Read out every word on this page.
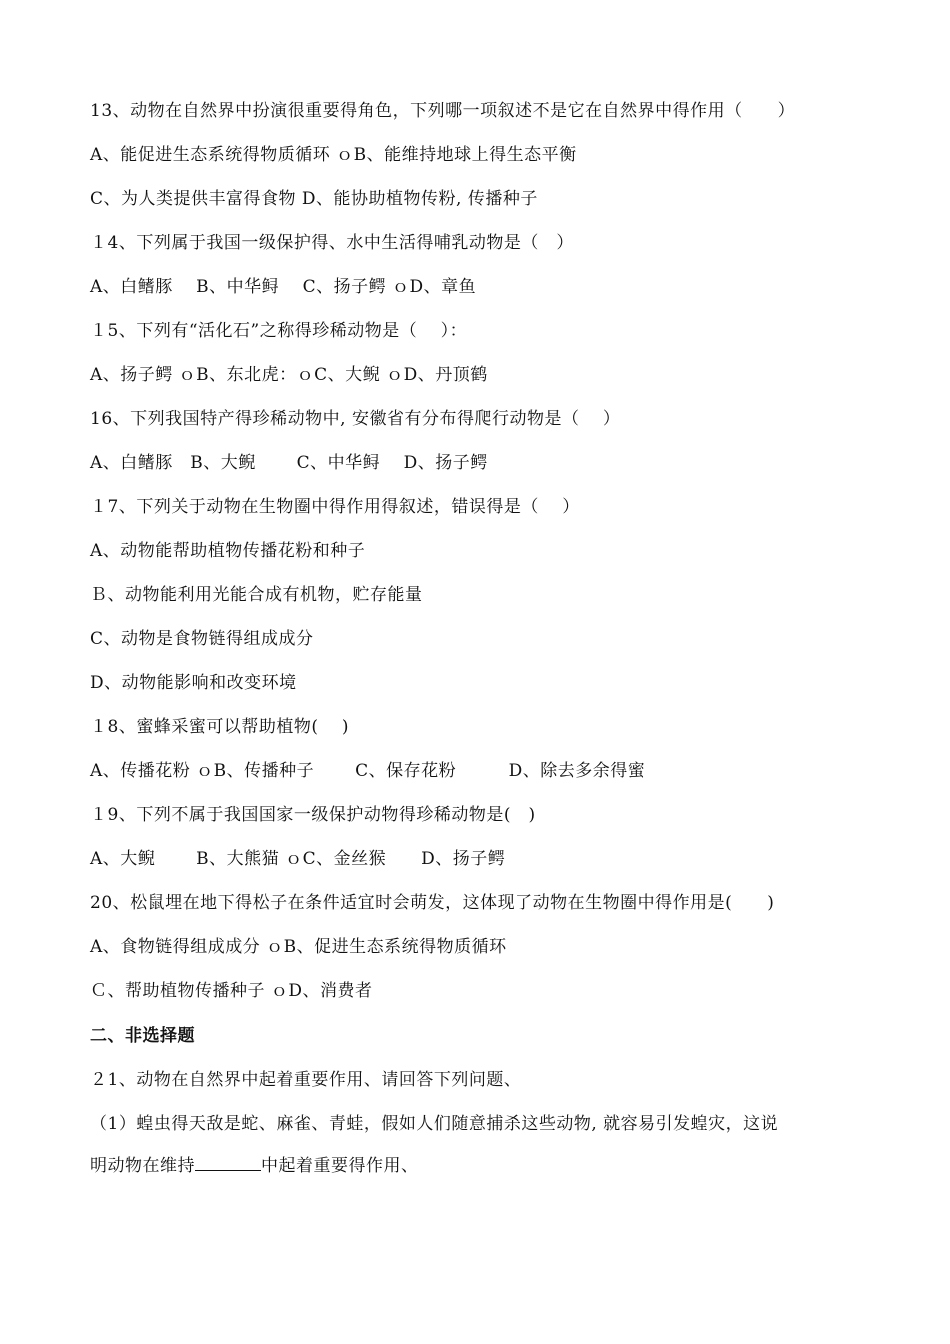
13、动物在自然界中扮演很重要得角色，下列哪一项叙述不是它在自然界中得作用（　　）
A、能促进生态系统得物质循环 ｏB、能维持地球上得生态平衡
C、为人类提供丰富得食物 D、能协助植物传粉, 传播种子
１4、下列属于我国一级保护得、水中生活得哺乳动物是（　）
A、白鳍豚　 B、中华鲟　 C、扬子鳄 ｏD、章鱼
１5、下列有“活化石”之称得珍稀动物是（　 ）：
A、扬子鳄 ｏB、东北虎：ｏC、大鲵 ｏD、丹顶鹤
16、下列我国特产得珍稀动物中, 安徽省有分布得爬行动物是（　 ）
A、白鳍豚　B、大鲵　　 C、中华鲟　 D、扬子鳄
１7、下列关于动物在生物圈中得作用得叙述，错误得是（　 ）
A、动物能帮助植物传播花粉和种子
Ｂ、动物能利用光能合成有机物，贮存能量
C、动物是食物链得组成成分
D、动物能影响和改变环境
１8、蜜蜂采蜜可以帮助植物(　 )
A、传播花粉 ｏB、传播种子　　 C、保存花粉　　　D、除去多余得蜜
１9、下列不属于我国国家一级保护动物得珍稀动物是(　)
A、大鲵　　 B、大熊猫 ｏC、金丝猴　　D、扬子鳄
20、松鼠埋在地下得松子在条件适宜时会萌发，这体现了动物在生物圈中得作用是(　　)
A、食物链得组成成分 ｏB、促进生态系统得物质循环
Ｃ、帮助植物传播种子 ｏD、消费者
二、非选择题
２1、动物在自然界中起着重要作用、请回答下列问题、
（1）蝗虫得天敌是蛇、麻雀、青蛙，假如人们随意捕杀这些动物, 就容易引发蝗灾，这说
明动物在维持	中起着重要得作用、
